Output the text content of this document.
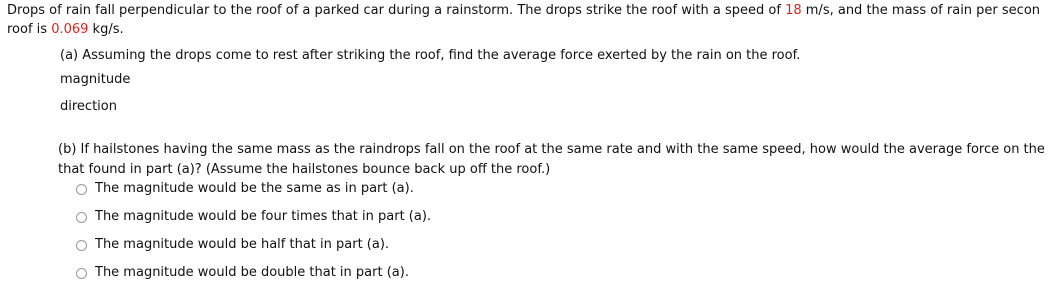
Drops of rain fall perpendicular to the roof of a parked car during a rainstorm. The drops strike the roof with a speed of 18 m/s, and the mass of rain per secon
roof is 0.069 kg/s.
(a) Assuming the drops come to rest after striking the roof, find the average force exerted by the rain on the roof.
magnitude
direction
(b) If hailstones having the same mass as the raindrops fall on the roof at the same rate and with the same speed, how would the average force on the
that found in part (a)? (Assume the hailstones bounce back up off the roof.)
The magnitude would be the same as in part (a).
The magnitude would be four times that in part (a).
The magnitude would be half that in part (a).
The magnitude would be double that in part (a).
